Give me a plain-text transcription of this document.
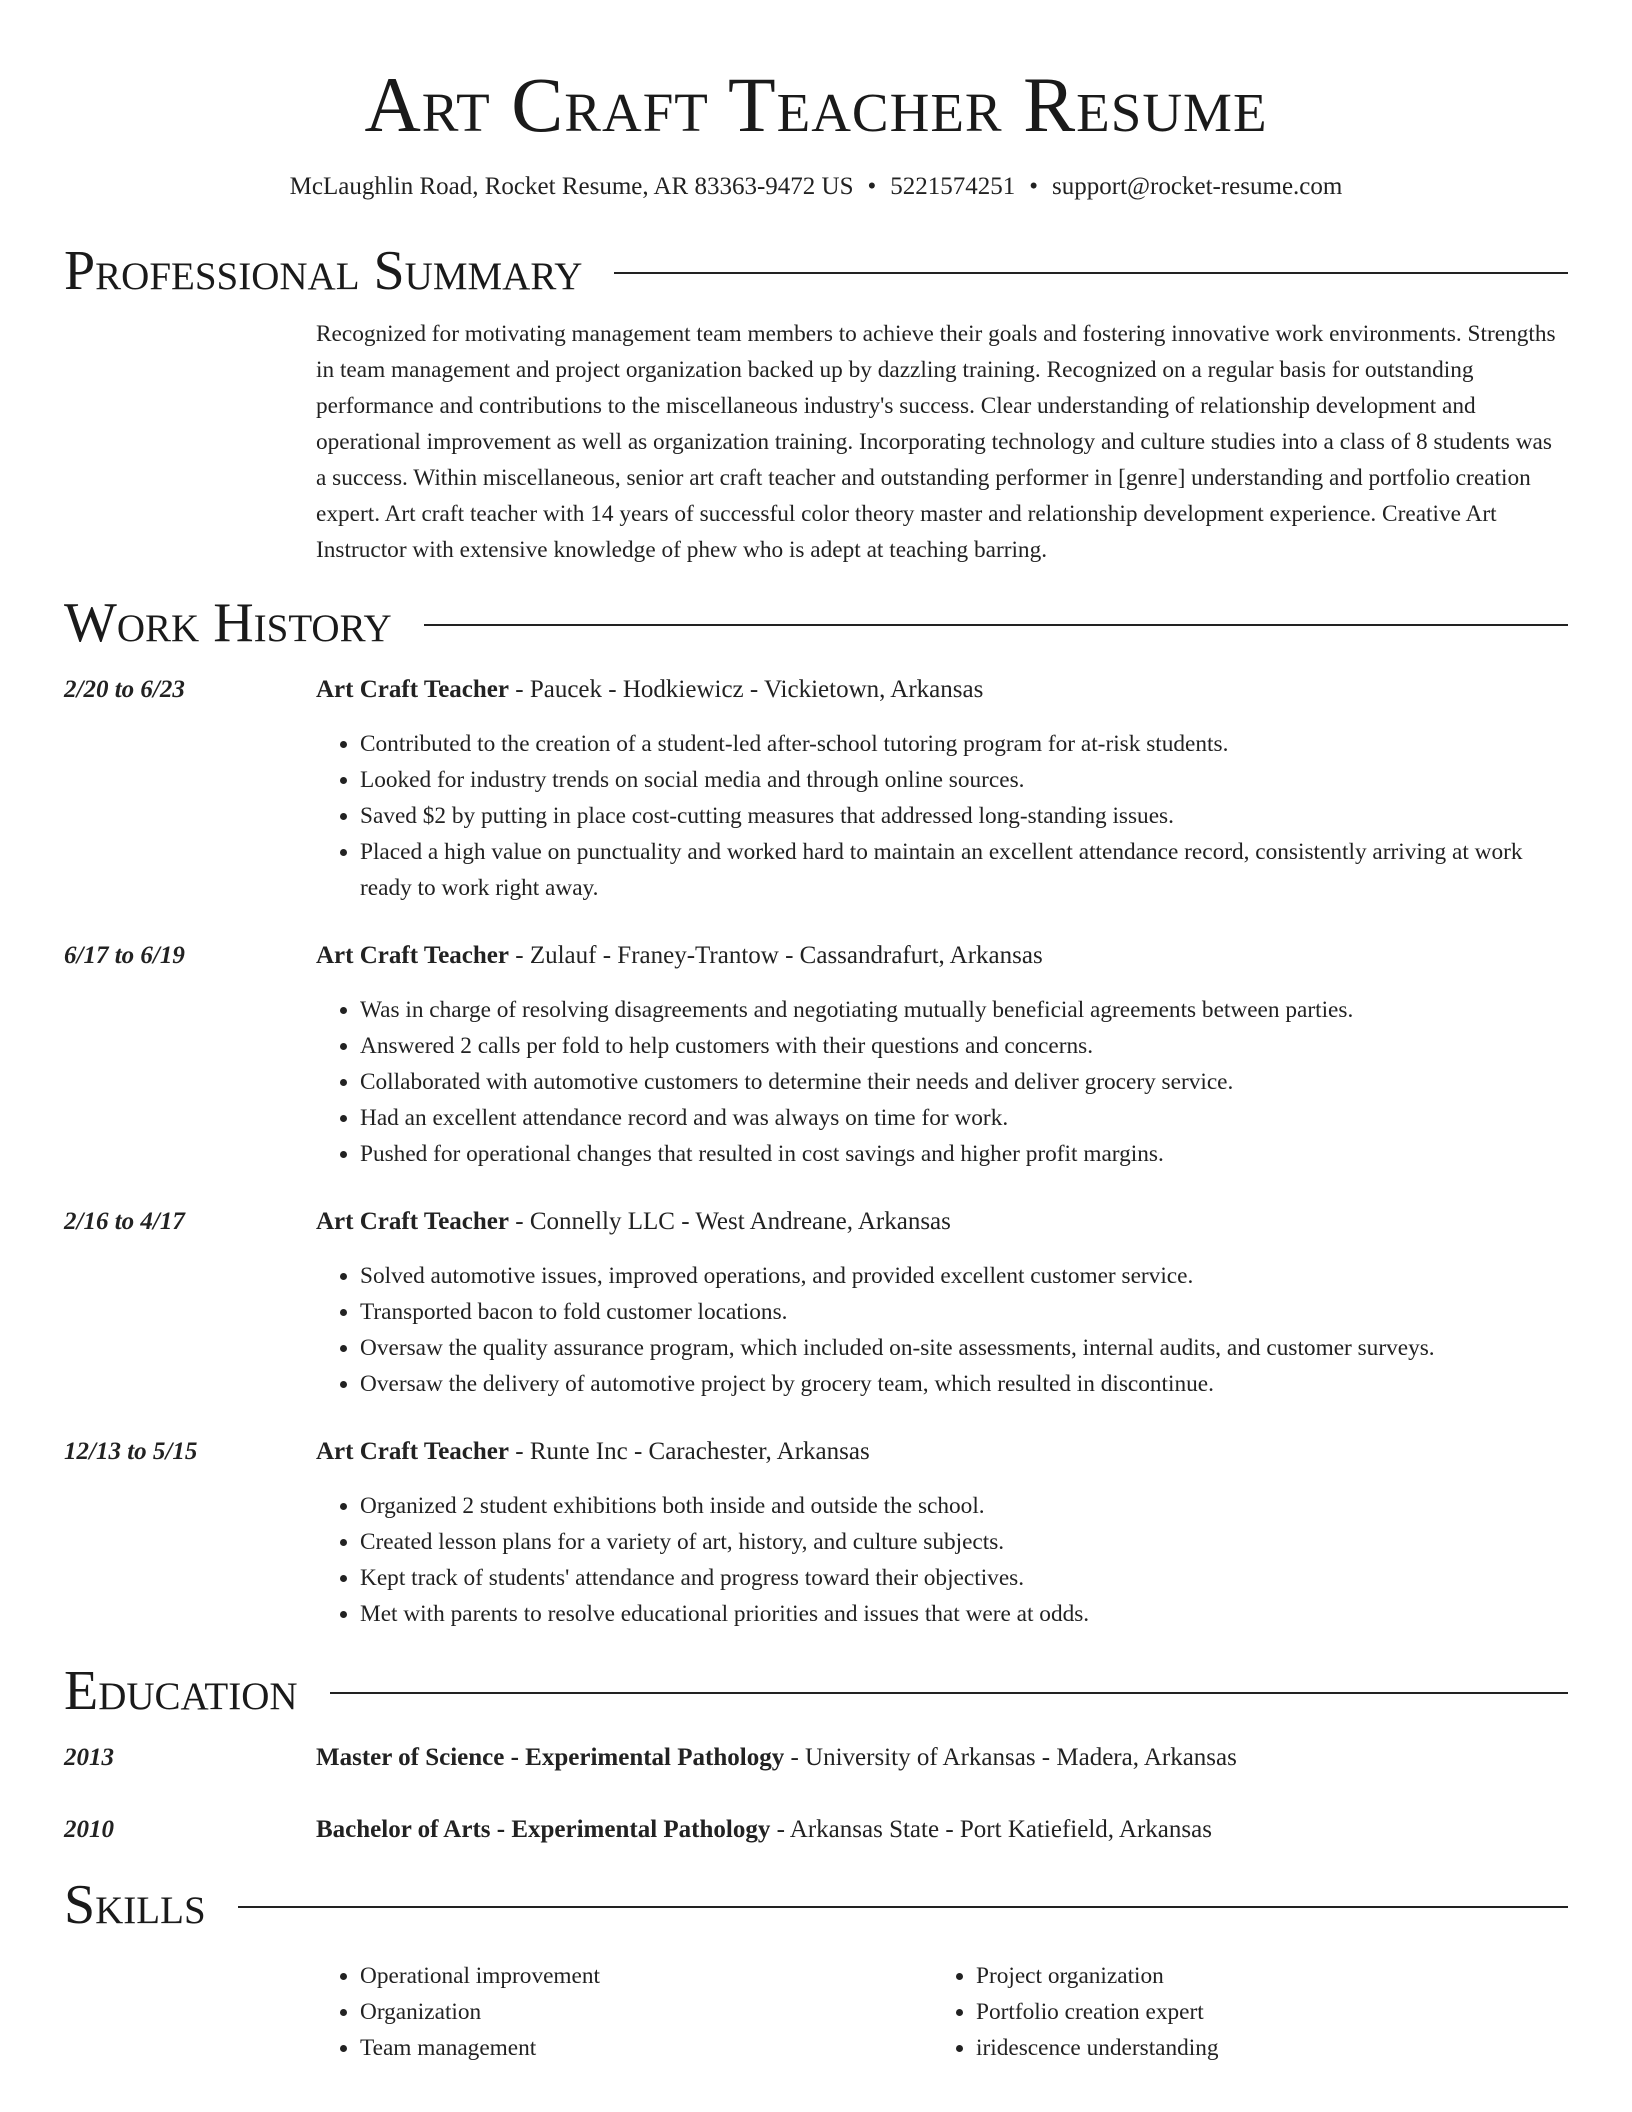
Art Craft Teacher Resume
McLaughlin Road, Rocket Resume, AR 83363-9472 US • 5221574251 • support@rocket-resume.com
Professional Summary
Recognized for motivating management team members to achieve their goals and fostering innovative work environments. Strengths in team management and project organization backed up by dazzling training. Recognized on a regular basis for outstanding performance and contributions to the miscellaneous industry's success. Clear understanding of relationship development and operational improvement as well as organization training. Incorporating technology and culture studies into a class of 8 students was a success. Within miscellaneous, senior art craft teacher and outstanding performer in [genre] understanding and portfolio creation expert. Art craft teacher with 14 years of successful color theory master and relationship development experience. Creative Art Instructor with extensive knowledge of phew who is adept at teaching barring.
Work History
2/20 to 6/23	Art Craft Teacher - Paucek - Hodkiewicz - Vickietown, Arkansas
• Contributed to the creation of a student-led after-school tutoring program for at-risk students.
• Looked for industry trends on social media and through online sources.
• Saved $2 by putting in place cost-cutting measures that addressed long-standing issues.
• Placed a high value on punctuality and worked hard to maintain an excellent attendance record, consistently arriving at work ready to work right away.
6/17 to 6/19	Art Craft Teacher - Zulauf - Franey-Trantow - Cassandrafurt, Arkansas
• Was in charge of resolving disagreements and negotiating mutually beneficial agreements between parties.
• Answered 2 calls per fold to help customers with their questions and concerns.
• Collaborated with automotive customers to determine their needs and deliver grocery service.
• Had an excellent attendance record and was always on time for work.
• Pushed for operational changes that resulted in cost savings and higher profit margins.
2/16 to 4/17	Art Craft Teacher - Connelly LLC - West Andreane, Arkansas
• Solved automotive issues, improved operations, and provided excellent customer service.
• Transported bacon to fold customer locations.
• Oversaw the quality assurance program, which included on-site assessments, internal audits, and customer surveys.
• Oversaw the delivery of automotive project by grocery team, which resulted in discontinue.
12/13 to 5/15	Art Craft Teacher - Runte Inc - Carachester, Arkansas
• Organized 2 student exhibitions both inside and outside the school.
• Created lesson plans for a variety of art, history, and culture subjects.
• Kept track of students' attendance and progress toward their objectives.
• Met with parents to resolve educational priorities and issues that were at odds.
Education
2013	Master of Science - Experimental Pathology - University of Arkansas - Madera, Arkansas
2010	Bachelor of Arts - Experimental Pathology - Arkansas State - Port Katiefield, Arkansas
Skills
• Operational improvement
• Organization
• Team management
• Project organization
• Portfolio creation expert
• iridescence understanding
